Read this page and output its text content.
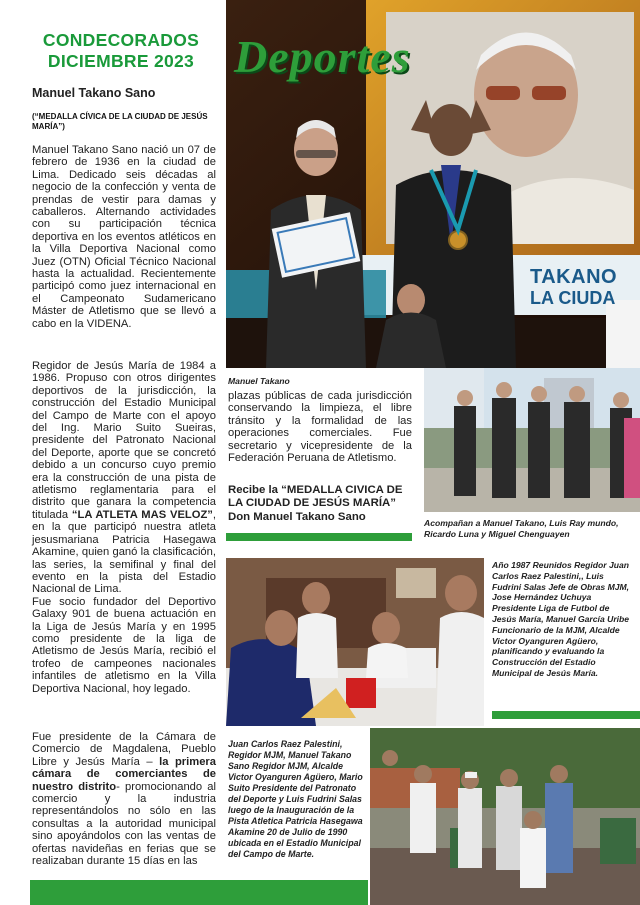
CONDECORADOS
DICIEMBRE 2023
Manuel Takano Sano
(“MEDALLA CÍVICA DE LA CIUDAD DE JESÚS MARÍA”)
Manuel Takano Sano nació un 07 de febrero de 1936 en la ciudad de Lima. Dedicado seis décadas al negocio de la confección y venta de prendas de vestir para damas y caballeros. Alternando actividades con su participación técnica deportiva en los eventos atléticos en la Villa Deportiva Nacional como Juez (OTN) Oficial Técnico Nacional hasta la actualidad. Recientemente participó como juez internacional en el Campeonato Sudamericano Máster de Atletismo que se llevó a cabo en la VIDENA.
Regidor de Jesús María de 1984 a 1986. Propuso con otros dirigentes deportivos de la jurisdicción, la construcción del Estadio Municipal del Campo de Marte con el apoyo del Ing. Mario Suito Sueiras, presidente del Patronato Nacional del Deporte, aporte que se concretó debido a un concurso cuyo premio era la construcción de una pista de atletismo reglamentaria para el distrito que ganara la competencia titulada “LA ATLETA MAS VELOZ”, en la que participó nuestra atleta jesusmariana Patricia Hasegawa Akamine, quien ganó la clasificación, las series, la semifinal y final del evento en la pista del Estadio Nacional de Lima.
Fue socio fundador del Deportivo Galaxy 901 de buena actuación en la Liga de Jesús María y en 1995 como presidente de la liga de Atletismo de Jesús María, recibió el trofeo de campeones nacionales infantiles de atletismo en la Villa Deportiva Nacional, hoy legado.
Fue presidente de la Cámara de Comercio de Magdalena, Pueblo Libre y Jesús María – la primera cámara de comerciantes de nuestro distrito- promocionando al comercio y la industria representándolos no sólo en las consultas a la autoridad municipal sino apoyándolos con las ventas de ofertas navideñas en ferias que se realizaban durante 15 días en las
Deportes
TAKANO
LA CIUDA
Manuel Takano
plazas públicas de cada jurisdicción conservando la limpieza, el libre tránsito y la formalidad de las operaciones comerciales. Fue secretario y vicepresidente de la Federación Peruana de Atletismo.
Recibe la “MEDALLA CIVICA DE
LA CIUDAD DE JESÚS MARÍA”
Don Manuel Takano Sano
Acompañan a Manuel Takano, Luis Ray mundo, Ricardo Luna y Miguel Chenguayen
Año 1987 Reunidos Regidor Juan Carlos Raez Palestini,, Luis Fudrini Salas Jefe de Obras MJM, Jose Hernández Uchuya Presidente Liga de Futbol de Jesús María, Manuel García Uribe Funcionario de la MJM, Alcalde Victor Oyanguren Agüero, planificando y evaluando la Construcción del Estadio Municipal de Jesús María.
Juan Carlos Raez Palestini, Regidor MJM, Manuel Takano Sano Regidor MJM, Alcalde Victor Oyanguren Agüero, Mario Suito Presidente del Patronato del Deporte y Luis Fudrini Salas luego de la Inauguración de la Pista Atletica Patricia Hasegawa Akamine 20 de Julio de 1990 ubicada en el Estadio Municipal del Campo de Marte.
